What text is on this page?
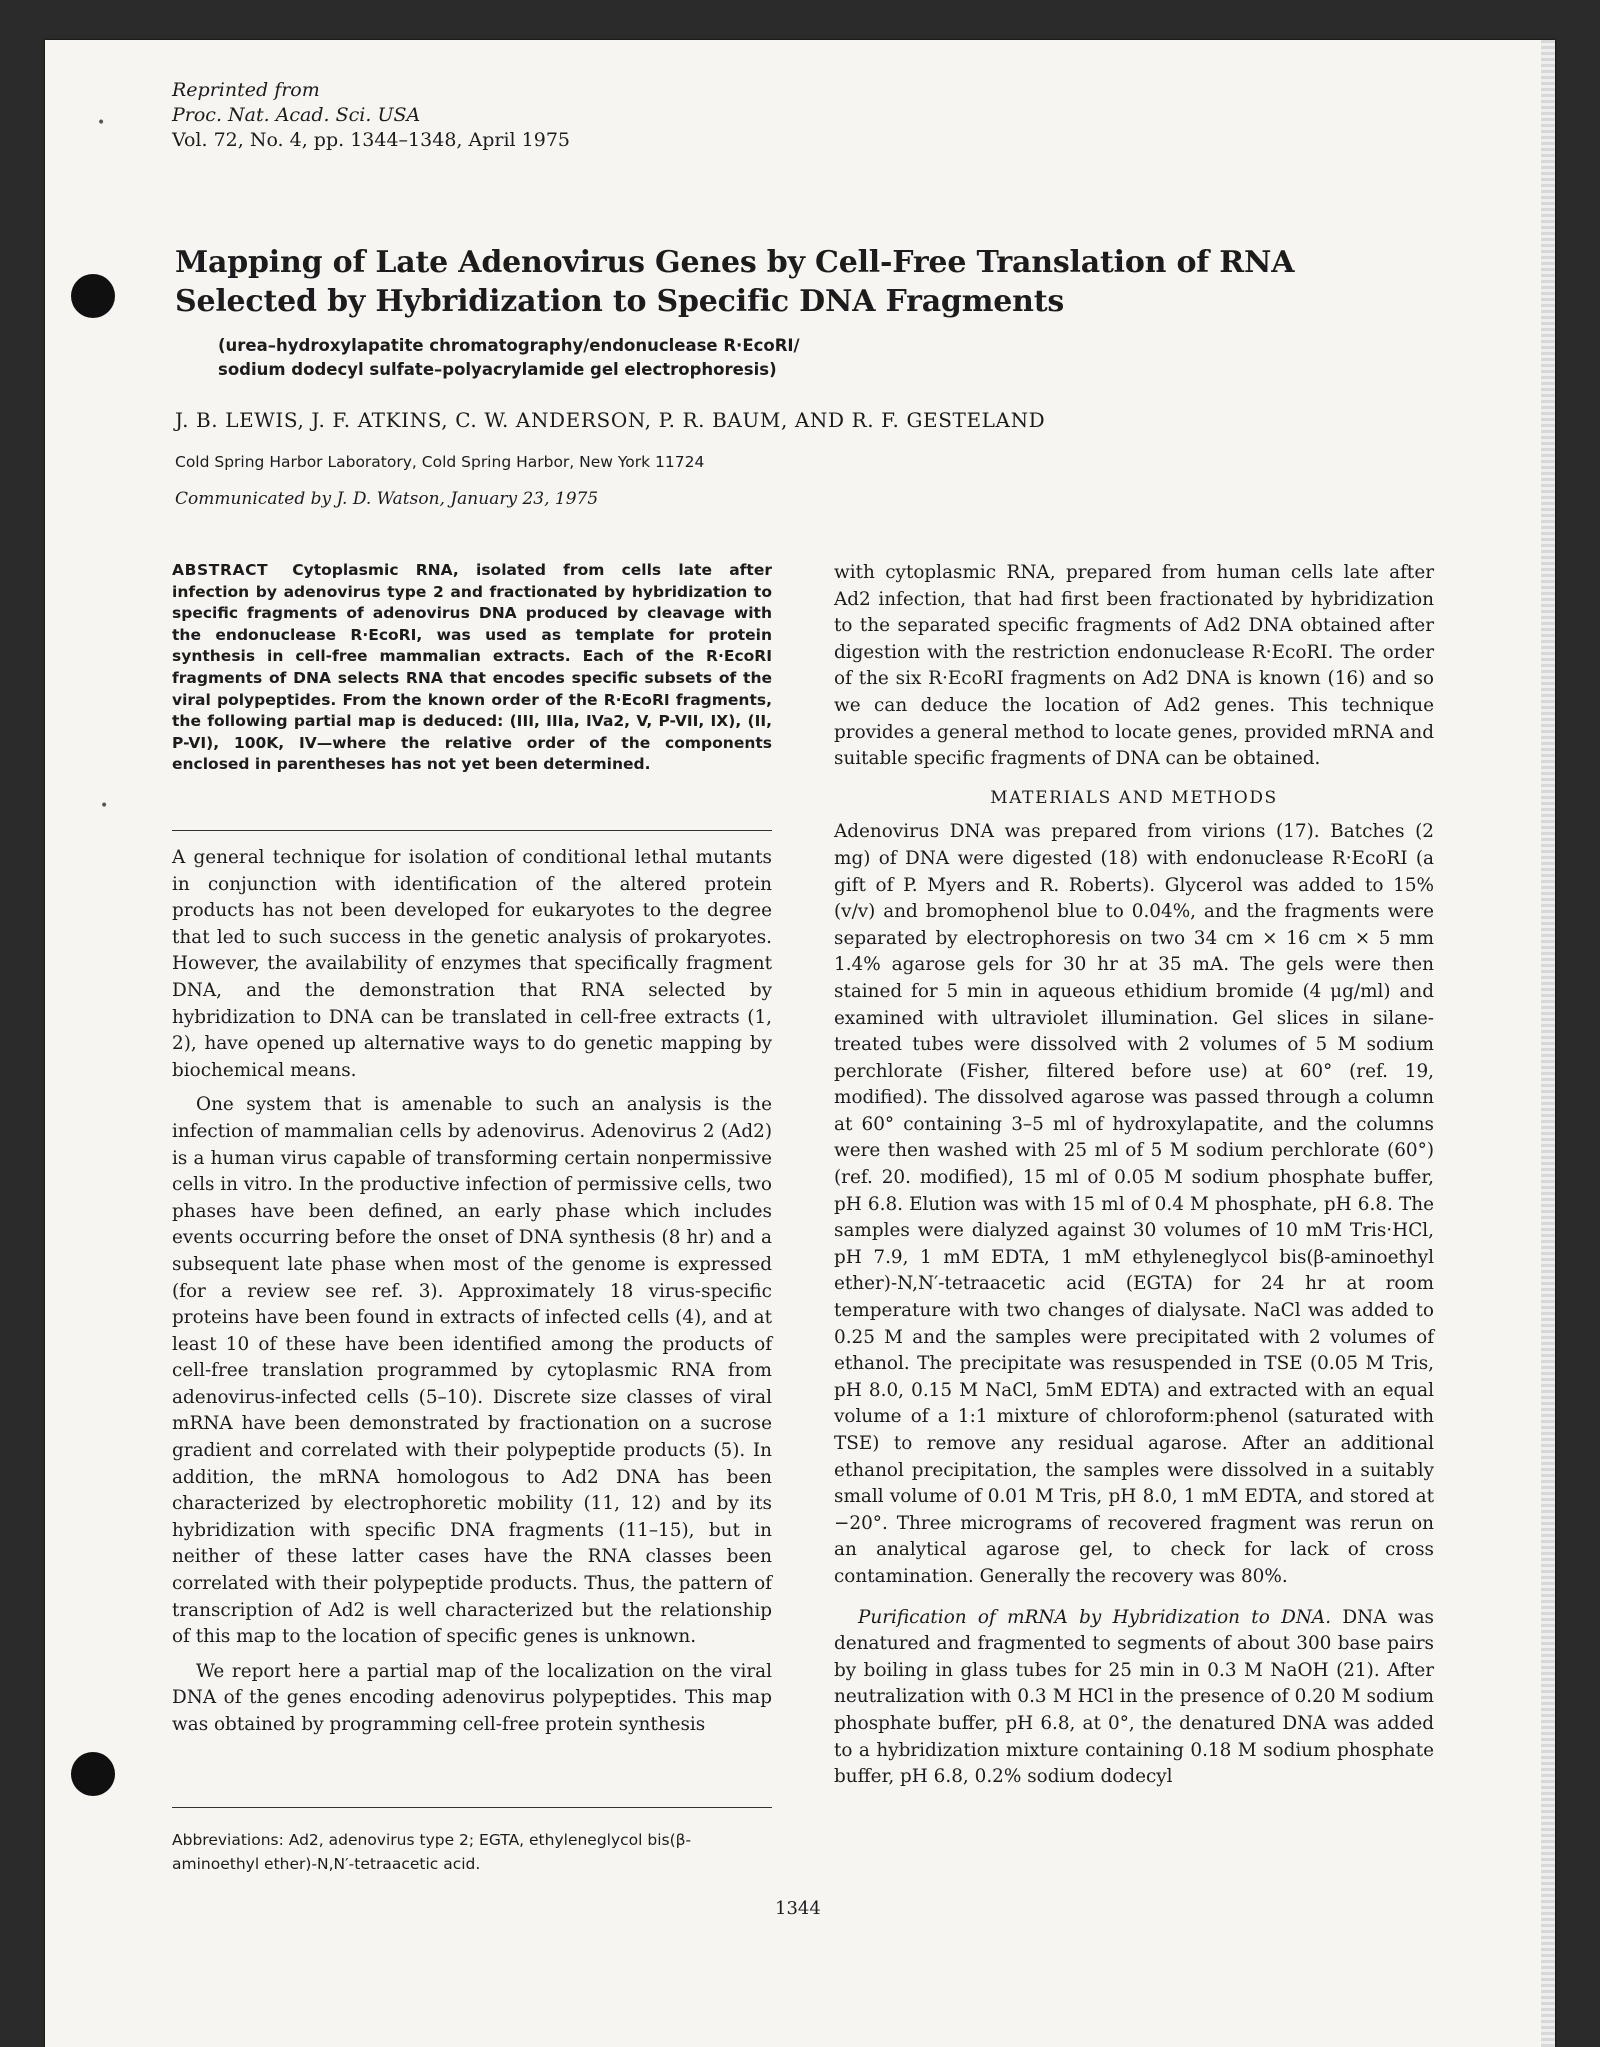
•
•
Reprinted from
Proc. Nat. Acad. Sci. USA
Vol. 72, No. 4, pp. 1344–1348, April 1975
Mapping of Late Adenovirus Genes by Cell-Free Translation of RNA Selected by Hybridization to Specific DNA Fragments
(urea–hydroxylapatite chromatography/endonuclease R·EcoRI/
sodium dodecyl sulfate–polyacrylamide gel electrophoresis)
J. B. LEWIS, J. F. ATKINS, C. W. ANDERSON, P. R. BAUM, AND R. F. GESTELAND
Cold Spring Harbor Laboratory, Cold Spring Harbor, New York 11724
Communicated by J. D. Watson, January 23, 1975

ABSTRACT Cytoplasmic RNA, isolated from cells late after infection by adenovirus type 2 and fractionated by hybridization to specific fragments of adenovirus DNA produced by cleavage with the endonuclease R·EcoRI, was used as template for protein synthesis in cell-free mammalian extracts. Each of the R·EcoRI fragments of DNA selects RNA that encodes specific subsets of the viral polypeptides. From the known order of the R·EcoRI fragments, the following partial map is deduced: (III, IIIa, IVa2, V, P-VII, IX), (II, P-VI), 100K, IV—where the relative order of the components enclosed in parentheses has not yet been determined.

A general technique for isolation of conditional lethal mutants in conjunction with identification of the altered protein products has not been developed for eukaryotes to the degree that led to such success in the genetic analysis of prokaryotes. However, the availability of enzymes that specifically fragment DNA, and the demonstration that RNA selected by hybridization to DNA can be translated in cell-free extracts (1, 2), have opened up alternative ways to do genetic mapping by biochemical means.

One system that is amenable to such an analysis is the infection of mammalian cells by adenovirus. Adenovirus 2 (Ad2) is a human virus capable of transforming certain nonpermissive cells in vitro. In the productive infection of permissive cells, two phases have been defined, an early phase which includes events occurring before the onset of DNA synthesis (8 hr) and a subsequent late phase when most of the genome is expressed (for a review see ref. 3). Approximately 18 virus-specific proteins have been found in extracts of infected cells (4), and at least 10 of these have been identified among the products of cell-free translation programmed by cytoplasmic RNA from adenovirus-infected cells (5–10). Discrete size classes of viral mRNA have been demonstrated by fractionation on a sucrose gradient and correlated with their polypeptide products (5). In addition, the mRNA homologous to Ad2 DNA has been characterized by electrophoretic mobility (11, 12) and by its hybridization with specific DNA fragments (11–15), but in neither of these latter cases have the RNA classes been correlated with their polypeptide products. Thus, the pattern of transcription of Ad2 is well characterized but the relationship of this map to the location of specific genes is unknown.

We report here a partial map of the localization on the viral DNA of the genes encoding adenovirus polypeptides. This map was obtained by programming cell-free protein synthesis

Abbreviations: Ad2, adenovirus type 2; EGTA, ethyleneglycol bis(β-aminoethyl ether)-N,N′-tetraacetic acid.

with cytoplasmic RNA, prepared from human cells late after Ad2 infection, that had first been fractionated by hybridization to the separated specific fragments of Ad2 DNA obtained after digestion with the restriction endonuclease R·EcoRI. The order of the six R·EcoRI fragments on Ad2 DNA is known (16) and so we can deduce the location of Ad2 genes. This technique provides a general method to locate genes, provided mRNA and suitable specific fragments of DNA can be obtained.

MATERIALS AND METHODS

Adenovirus DNA was prepared from virions (17). Batches (2 mg) of DNA were digested (18) with endonuclease R·EcoRI (a gift of P. Myers and R. Roberts). Glycerol was added to 15% (v/v) and bromophenol blue to 0.04%, and the fragments were separated by electrophoresis on two 34 cm × 16 cm × 5 mm 1.4% agarose gels for 30 hr at 35 mA. The gels were then stained for 5 min in aqueous ethidium bromide (4 μg/ml) and examined with ultraviolet illumination. Gel slices in silane-treated tubes were dissolved with 2 volumes of 5 M sodium perchlorate (Fisher, filtered before use) at 60° (ref. 19, modified). The dissolved agarose was passed through a column at 60° containing 3–5 ml of hydroxylapatite, and the columns were then washed with 25 ml of 5 M sodium perchlorate (60°) (ref. 20. modified), 15 ml of 0.05 M sodium phosphate buffer, pH 6.8. Elution was with 15 ml of 0.4 M phosphate, pH 6.8. The samples were dialyzed against 30 volumes of 10 mM Tris·HCl, pH 7.9, 1 mM EDTA, 1 mM ethyleneglycol bis(β-aminoethyl ether)-N,N′-tetraacetic acid (EGTA) for 24 hr at room temperature with two changes of dialysate. NaCl was added to 0.25 M and the samples were precipitated with 2 volumes of ethanol. The precipitate was resuspended in TSE (0.05 M Tris, pH 8.0, 0.15 M NaCl, 5mM EDTA) and extracted with an equal volume of a 1:1 mixture of chloroform:phenol (saturated with TSE) to remove any residual agarose. After an additional ethanol precipitation, the samples were dissolved in a suitably small volume of 0.01 M Tris, pH 8.0, 1 mM EDTA, and stored at −20°. Three micrograms of recovered fragment was rerun on an analytical agarose gel, to check for lack of cross contamination. Generally the recovery was 80%.

Purification of mRNA by Hybridization to DNA. DNA was denatured and fragmented to segments of about 300 base pairs by boiling in glass tubes for 25 min in 0.3 M NaOH (21). After neutralization with 0.3 M HCl in the presence of 0.20 M sodium phosphate buffer, pH 6.8, at 0°, the denatured DNA was added to a hybridization mixture containing 0.18 M sodium phosphate buffer, pH 6.8, 0.2% sodium dodecyl

1344
